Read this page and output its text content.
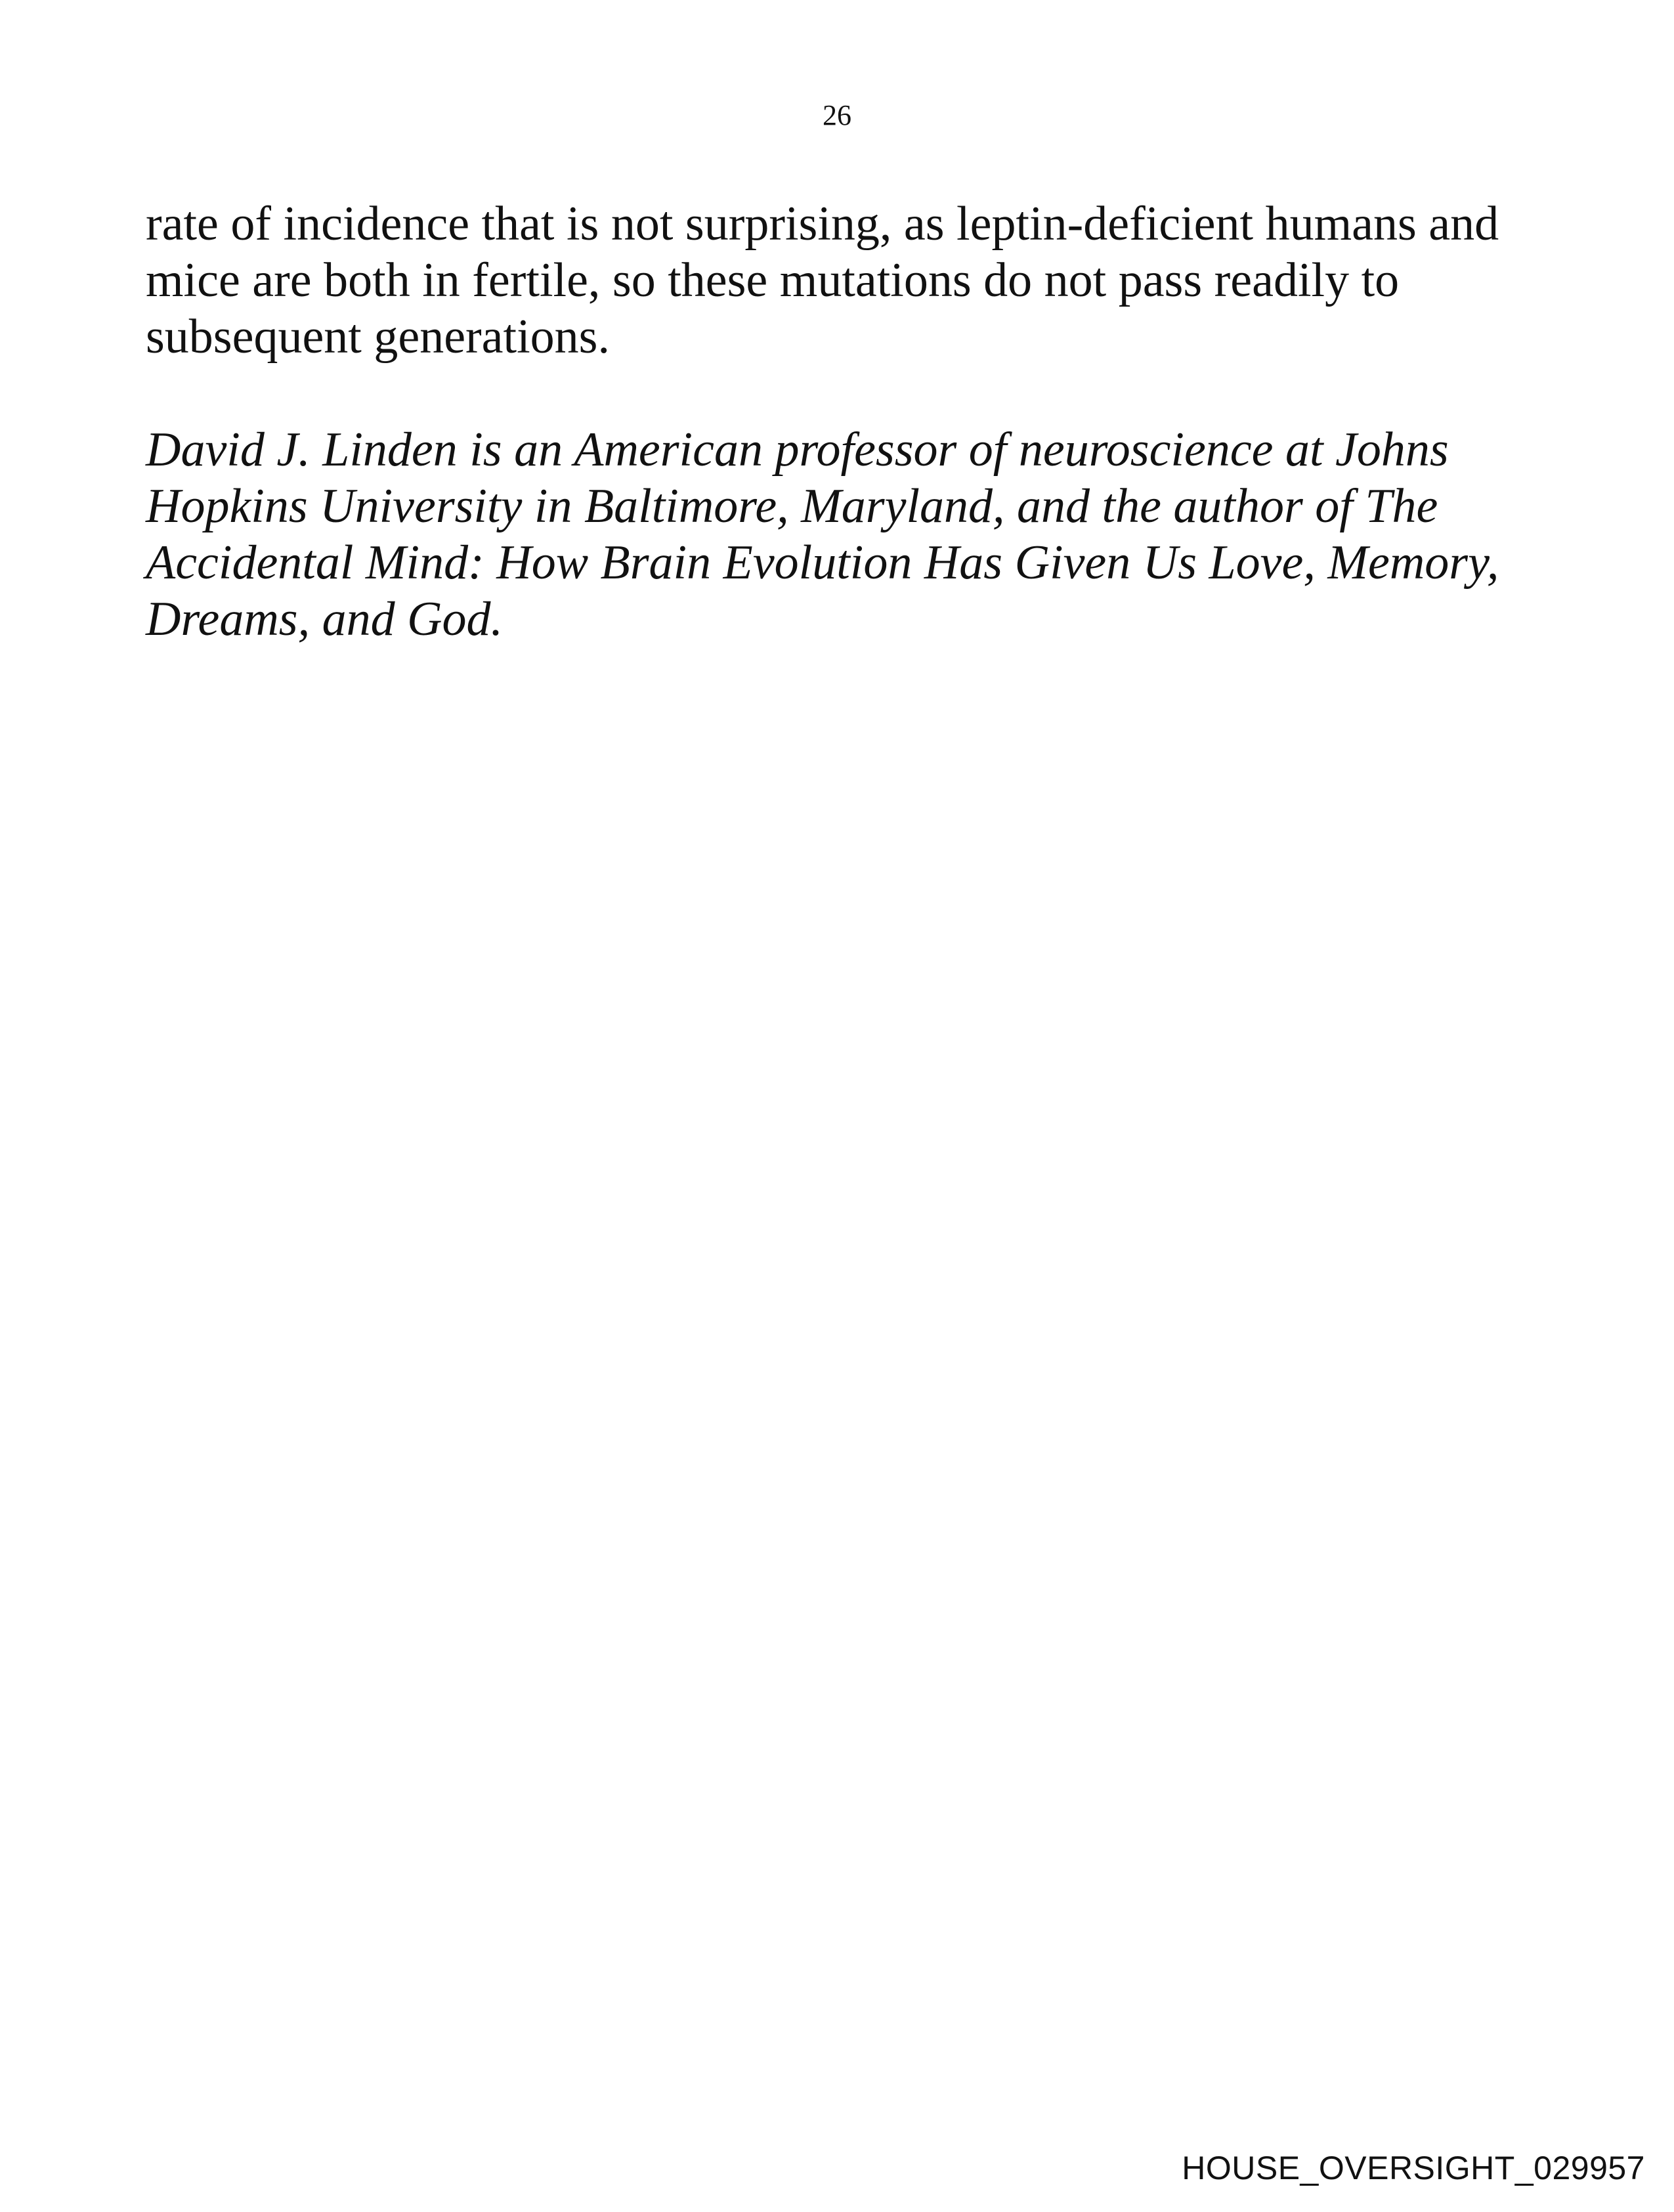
26

rate of incidence that is not surprising, as leptin-deficient humans and
mice are both in fertile, so these mutations do not pass readily to
subsequent generations.

David J. Linden is an American professor of neuroscience at Johns
Hopkins University in Baltimore, Maryland, and the author of The
Accidental Mind: How Brain Evolution Has Given Us Love, Memory,
Dreams, and God.

HOUSE_OVERSIGHT_029957
